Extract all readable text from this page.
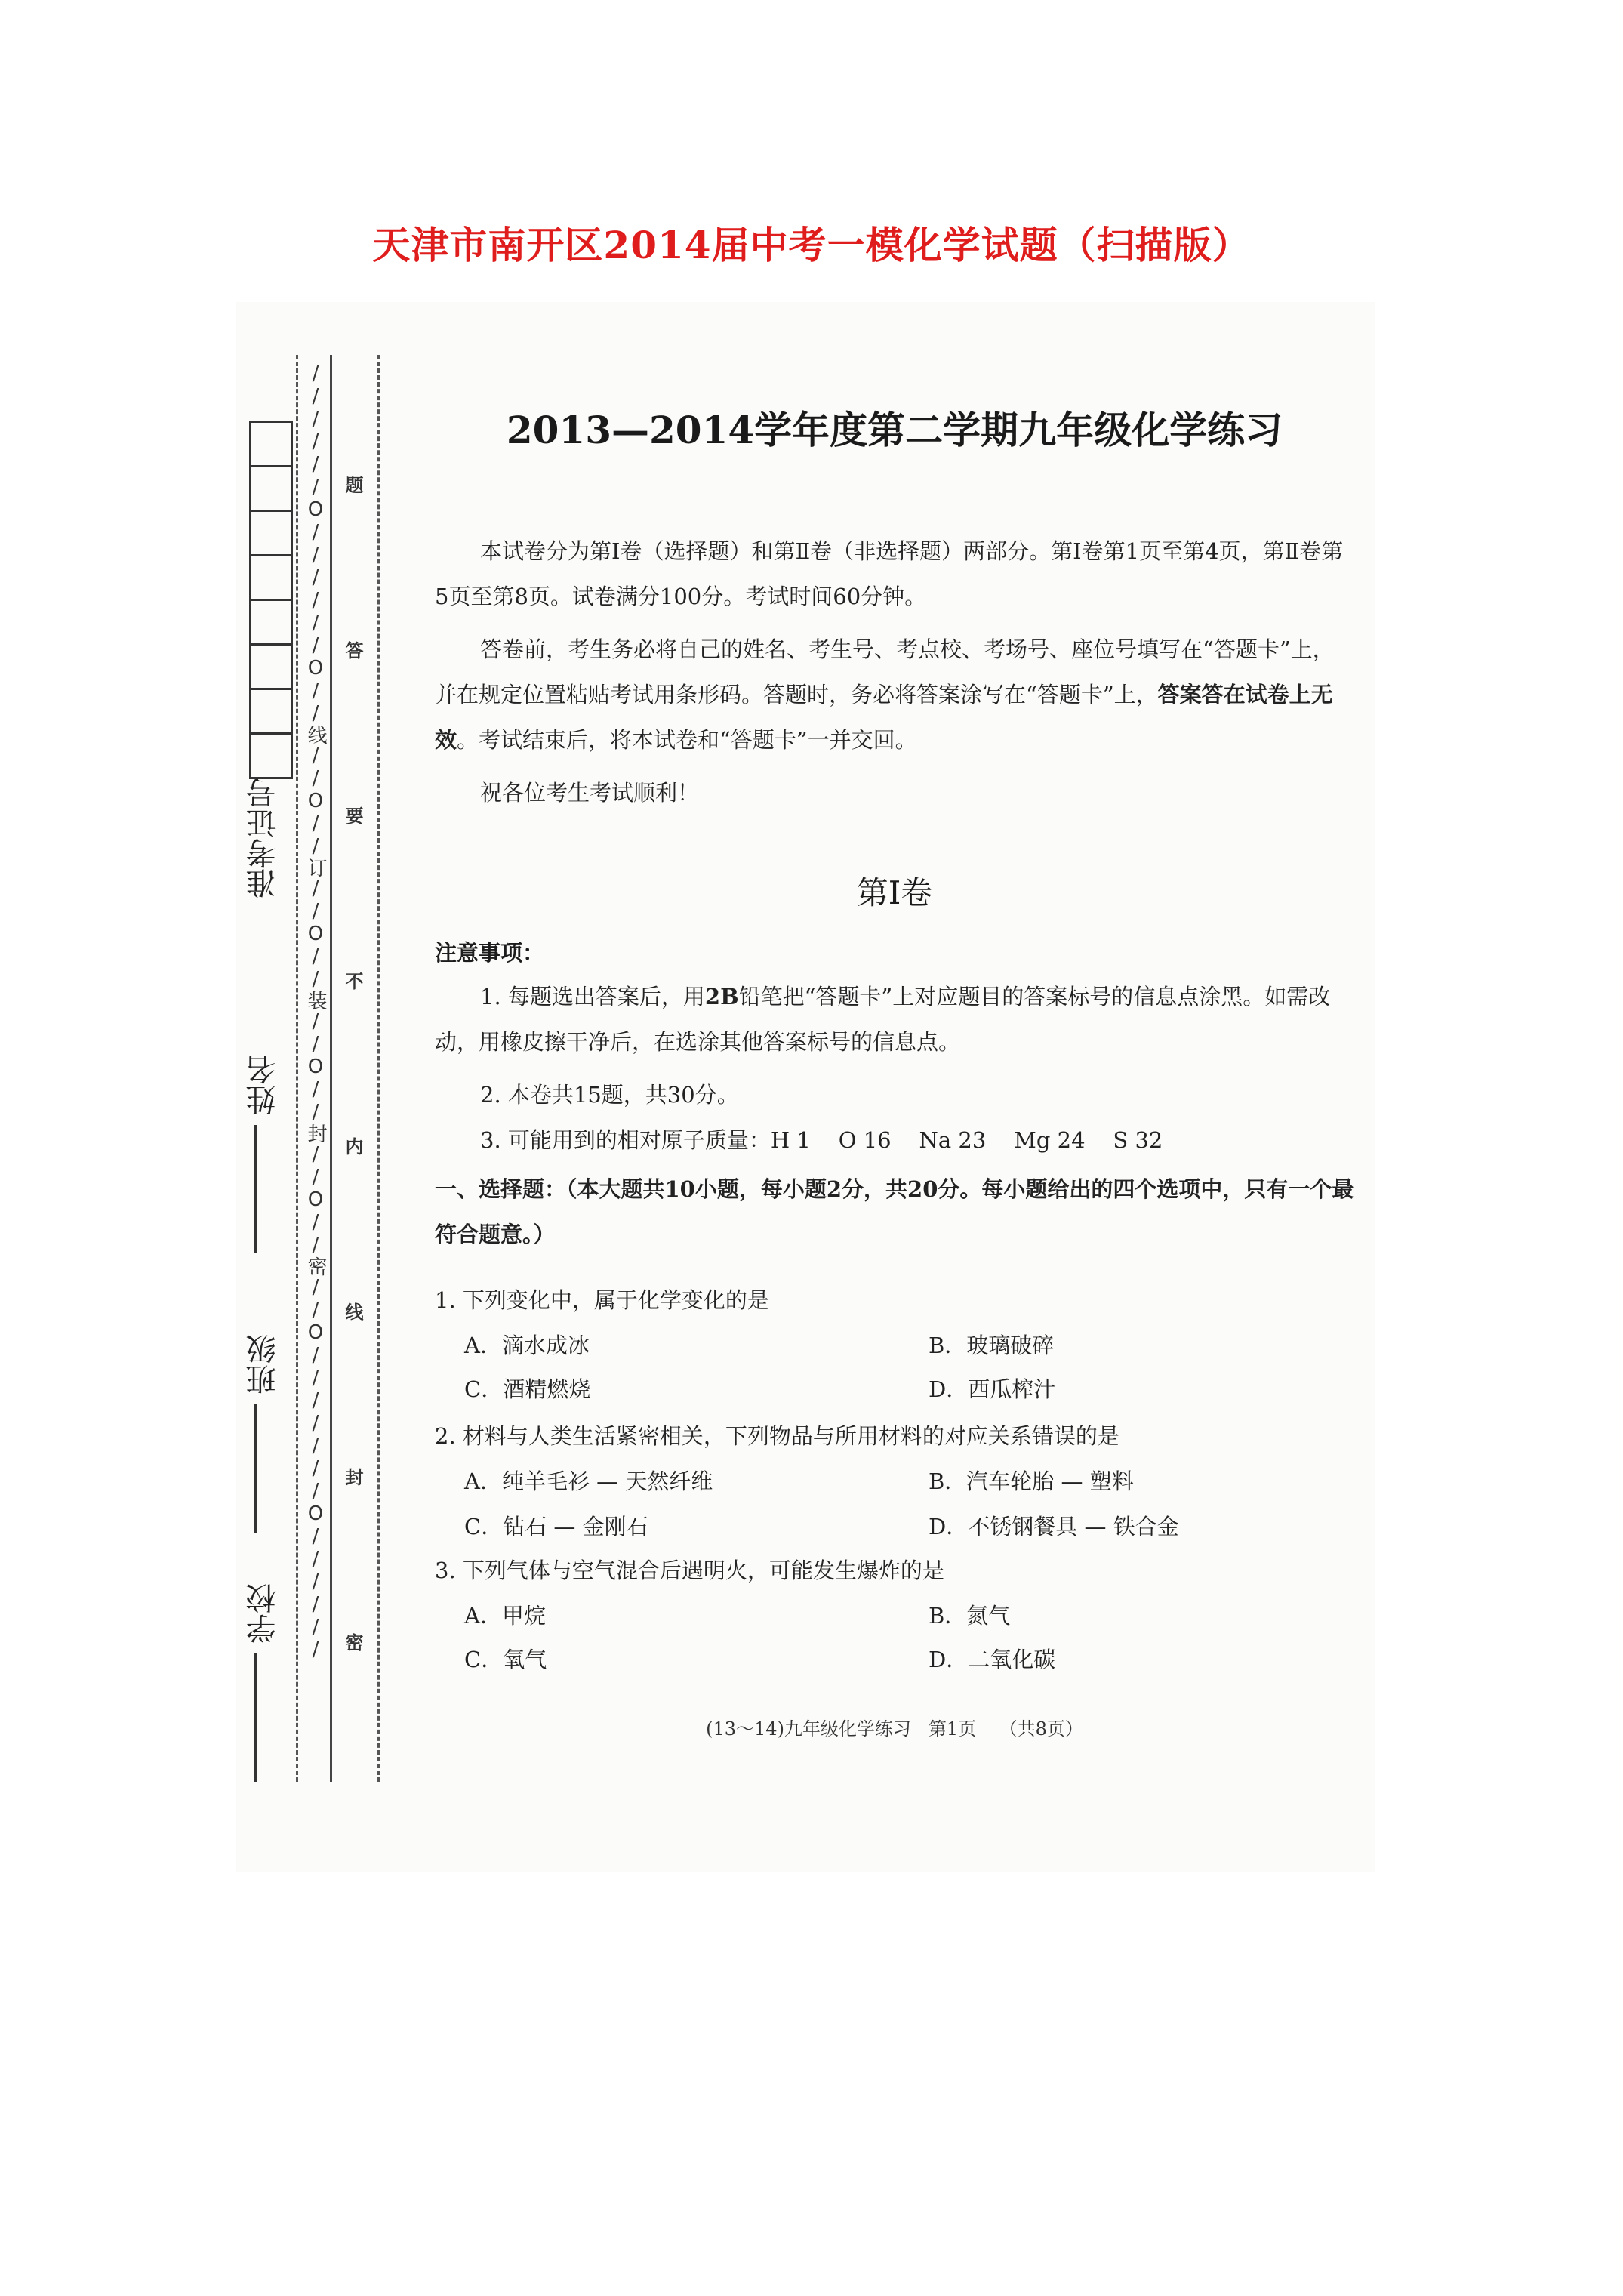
天津市南开区2014届中考一模化学试题（扫描版）
//////O//////O//线//O//订//O//装//O//封//O//密//O///////O////// 题答要不内线封密
准考证号
姓名
班级
学校
2013—2014学年度第二学期九年级化学练习
本试卷分为第Ⅰ卷（选择题）和第Ⅱ卷（非选择题）两部分。第Ⅰ卷第1页至第4页，第Ⅱ卷第5页至第8页。试卷满分100分。考试时间60分钟。
答卷前，考生务必将自己的姓名、考生号、考点校、考场号、座位号填写在“答题卡”上，并在规定位置粘贴考试用条形码。答题时，务必将答案涂写在“答题卡”上，答案答在试卷上无效。考试结束后，将本试卷和“答题卡”一并交回。
祝各位考生考试顺利！
第Ⅰ卷
注意事项：
1. 每题选出答案后，用2B铅笔把“答题卡”上对应题目的答案标号的信息点涂黑。如需改动，用橡皮擦干净后，在选涂其他答案标号的信息点。
2. 本卷共15题，共30分。
3. 可能用到的相对原子质量：H 1    O 16    Na 23    Mg 24    S 32
一、选择题：（本大题共10小题，每小题2分，共20分。每小题给出的四个选项中，只有一个最符合题意。）
1. 下列变化中，属于化学变化的是
A．滴水成冰	B．玻璃破碎
C．酒精燃烧	D．西瓜榨汁
2. 材料与人类生活紧密相关，下列物品与所用材料的对应关系错误的是
A．纯羊毛衫 — 天然纤维	B．汽车轮胎 — 塑料
C．钻石 — 金刚石	D．不锈钢餐具 — 铁合金
3. 下列气体与空气混合后遇明火，可能发生爆炸的是
A．甲烷	B．氮气
C．氧气	D．二氧化碳
(13～14)九年级化学练习   第1页    （共8页）
